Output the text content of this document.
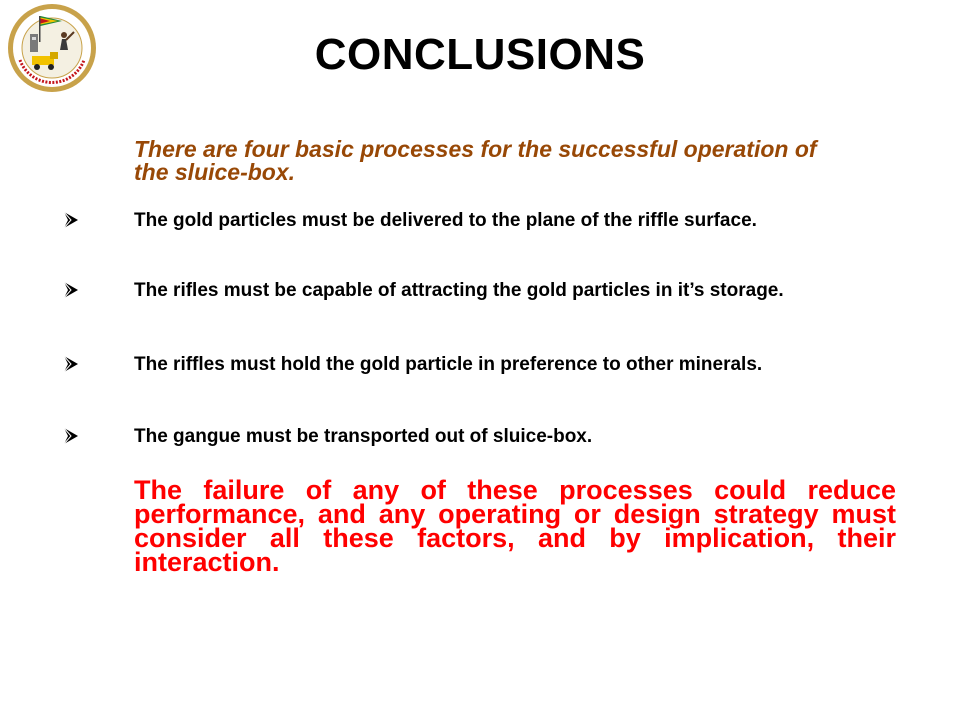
CONCLUSIONS
There are four basic processes for the successful operation of the sluice-box.
The gold particles must be delivered to the plane of the riffle surface.
The rifles must be capable of attracting the gold particles in it’s storage.
The riffles must hold the gold particle in preference to other minerals.
The gangue must be transported out of sluice-box.
The failure of any of these processes could reduce performance, and any operating or design strategy must consider all these factors, and by implication, their interaction.
